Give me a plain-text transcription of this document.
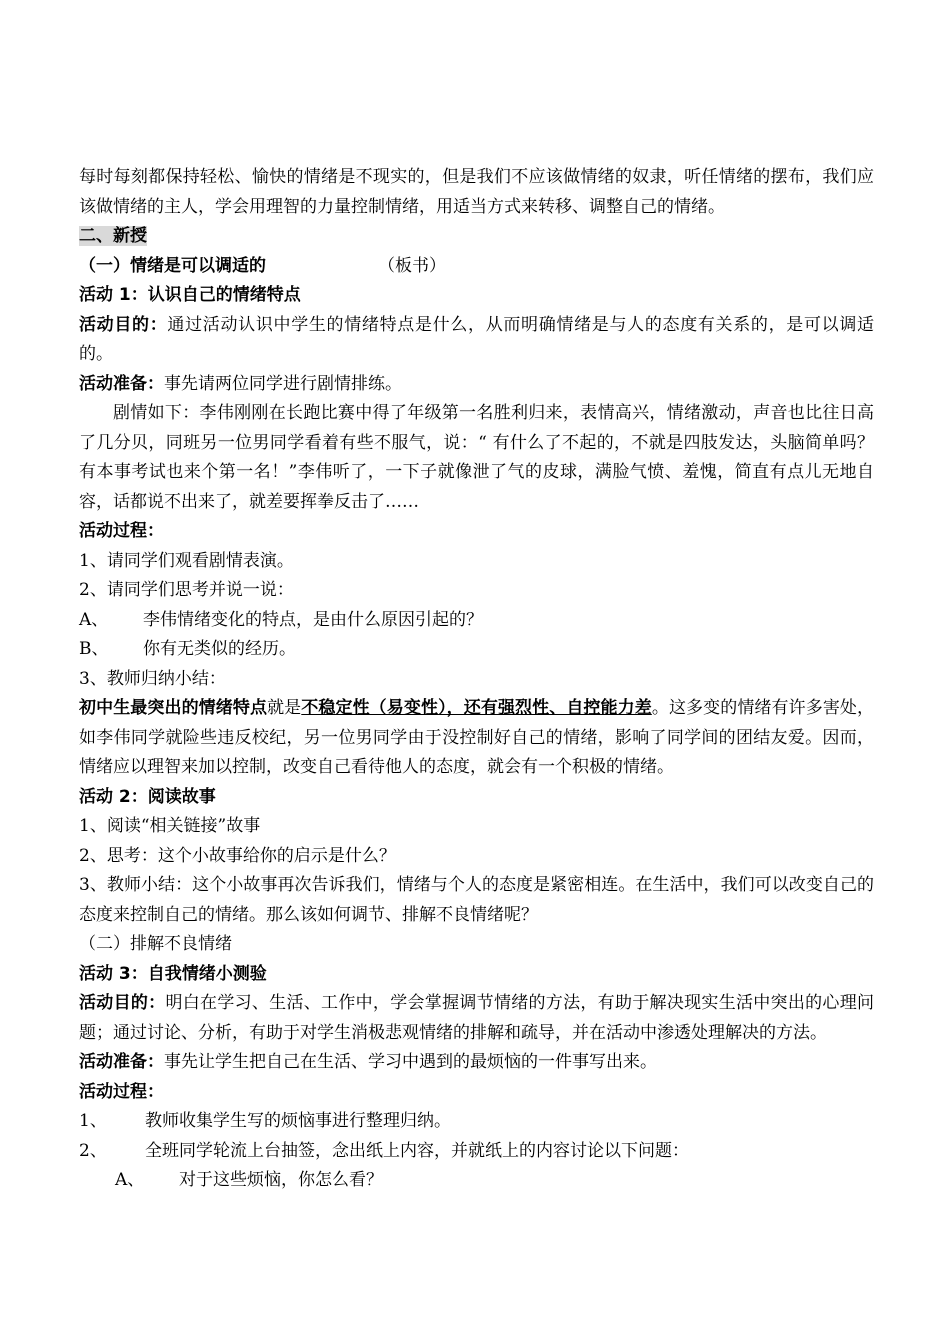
每时每刻都保持轻松、愉快的情绪是不现实的，但是我们不应该做情绪的奴隶，听任情绪的摆布，我们应该做情绪的主人，学会用理智的力量控制情绪，用适当方式来转移、调整自己的情绪。
二、新授
（一）情绪是可以调适的	（板书）
活动 1：认识自己的情绪特点
活动目的：通过活动认识中学生的情绪特点是什么，从而明确情绪是与人的态度有关系的，是可以调适的。
活动准备：事先请两位同学进行剧情排练。
剧情如下：李伟刚刚在长跑比赛中得了年级第一名胜利归来，表情高兴，情绪激动，声音也比往日高了几分贝，同班另一位男同学看着有些不服气，说：“ 有什么了不起的，不就是四肢发达，头脑简单吗？有本事考试也来个第一名！”李伟听了，一下子就像泄了气的皮球，满脸气愤、羞愧，简直有点儿无地自容，话都说不出来了，就差要挥拳反击了……
活动过程：
1、请同学们观看剧情表演。
2、请同学们思考并说一说：
A、 李伟情绪变化的特点，是由什么原因引起的？
B、 你有无类似的经历。
3、教师归纳小结：
初中生最突出的情绪特点就是不稳定性（易变性），还有强烈性、自控能力差。这多变的情绪有许多害处，如李伟同学就险些违反校纪，另一位男同学由于没控制好自己的情绪，影响了同学间的团结友爱。因而，情绪应以理智来加以控制，改变自己看待他人的态度，就会有一个积极的情绪。
活动 2：阅读故事
1、阅读“相关链接”故事
2、思考：这个小故事给你的启示是什么？
3、教师小结：这个小故事再次告诉我们，情绪与个人的态度是紧密相连。在生活中，我们可以改变自己的态度来控制自己的情绪。那么该如何调节、排解不良情绪呢？
（二）排解不良情绪
活动 3：自我情绪小测验
活动目的：明白在学习、生活、工作中，学会掌握调节情绪的方法，有助于解决现实生活中突出的心理问题；通过讨论、分析，有助于对学生消极悲观情绪的排解和疏导，并在活动中渗透处理解决的方法。
活动准备：事先让学生把自己在生活、学习中遇到的最烦恼的一件事写出来。
活动过程：
1、 教师收集学生写的烦恼事进行整理归纳。
2、 全班同学轮流上台抽签，念出纸上内容，并就纸上的内容讨论以下问题：
A、 对于这些烦恼，你怎么看？
